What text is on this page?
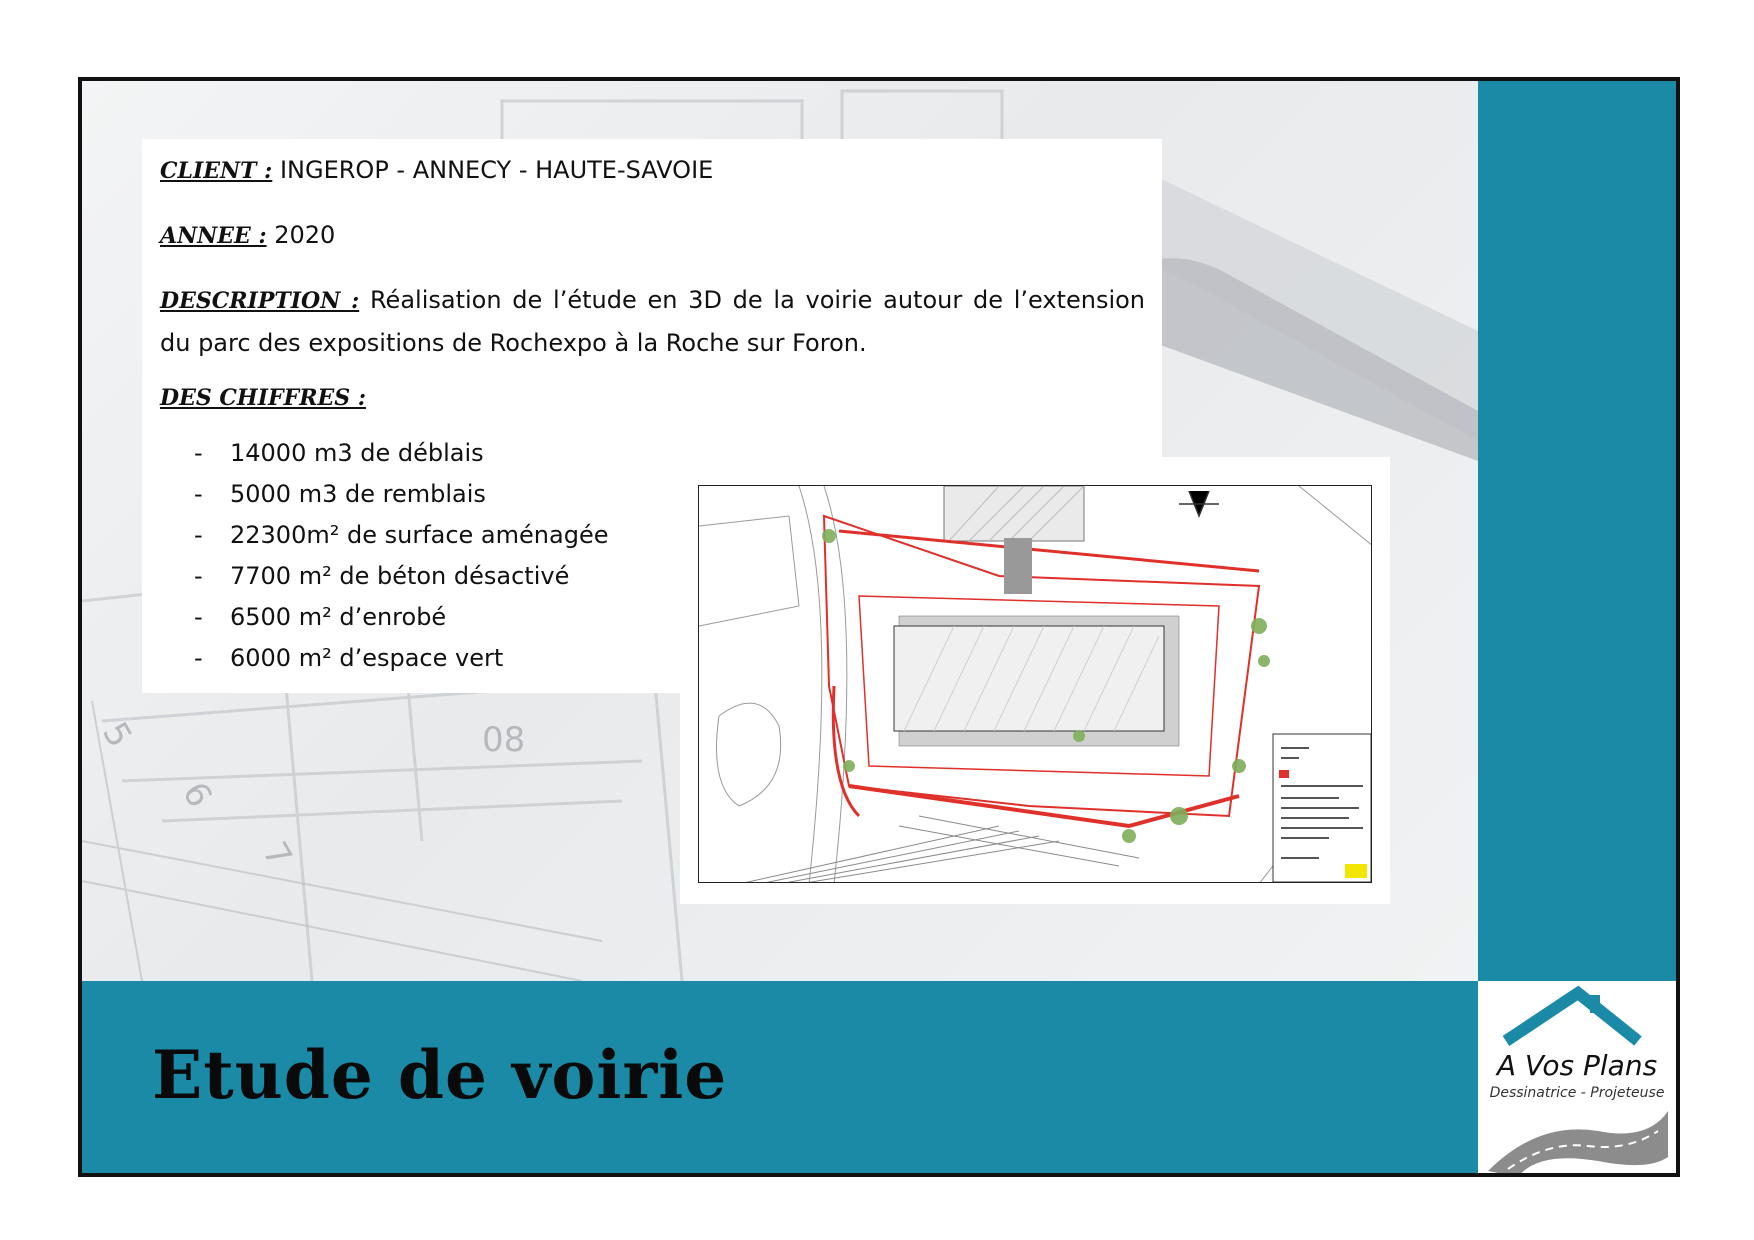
5
6
7
08

CLIENT : INGEROP - ANNECY - HAUTE-SAVOIE

ANNEE : 2020

DESCRIPTION : Réalisation de l’étude en 3D de la voirie autour de l’extension du parc des expositions de Rochexpo à la Roche sur Foron.

DES CHIFFRES :

- 14000 m3 de déblais
- 5000 m3 de remblais
- 22300m² de surface aménagée
- 7700 m² de béton désactivé
- 6500 m² d’enrobé
- 6000 m² d’espace vert
Etude de voirie	A Vos Plans

Dessinatrice - Projeteuse
